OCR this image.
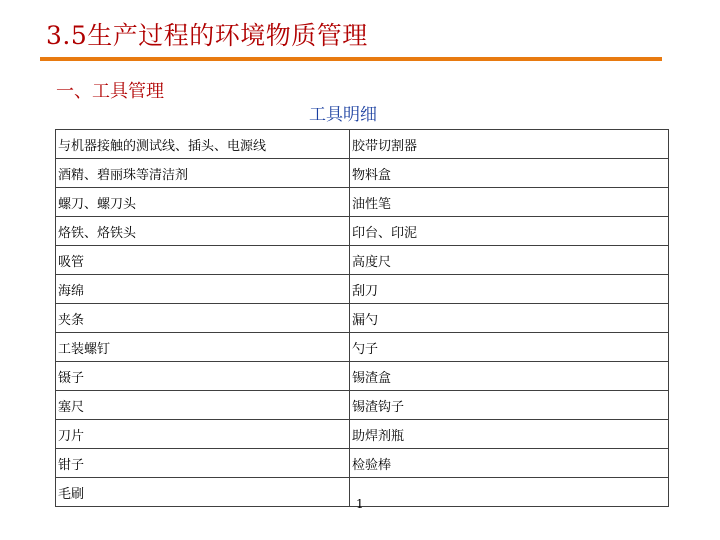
3.5生产过程的环境物质管理
一、工具管理
工具明细
与机器接触的测试线、插头、电源线	胶带切割器
酒精、碧丽珠等清洁剂	物料盒
螺刀、螺刀头	油性笔
烙铁、烙铁头	印台、印泥
吸管	高度尺
海绵	刮刀
夹条	漏勺
工装螺钉	勺子
镊子	锡渣盒
塞尺	锡渣钩子
刀片	助焊剂瓶
钳子	检验棒
毛刷	
1
